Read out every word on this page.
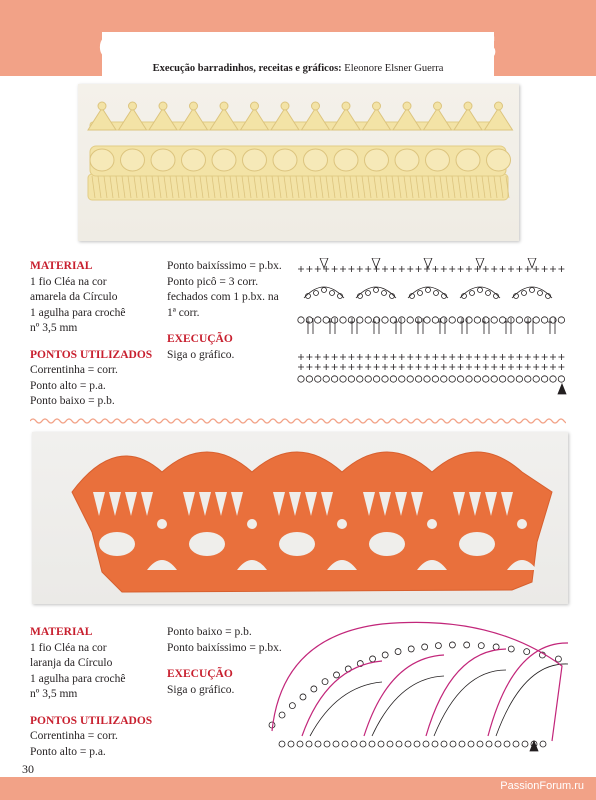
Galeria de BARRADINHOS
Execução barradinhos, receitas e gráficos: Eleonore Elsner Guerra

MATERIAL

1 fio Cléa na cor

amarela da Círculo

1 agulha para crochê

nº 3,5 mm

PONTOS UTILIZADOS

Correntinha = corr.

Ponto alto = p.a.

Ponto baixo = p.b.

Ponto baixíssimo = p.bx.

Ponto picô = 3 corr.

fechados com 1 p.bx. na

1ª corr.

EXECUÇÃO

Siga o gráfico.

MATERIAL

1 fio Cléa na cor

laranja da Círculo

1 agulha para crochê

nº 3,5 mm

PONTOS UTILIZADOS

Correntinha = corr.

Ponto alto = p.a.

Ponto baixo = p.b.

Ponto baixíssimo = p.bx.

EXECUÇÃO

Siga o gráfico.

30
PassionForum.ru
